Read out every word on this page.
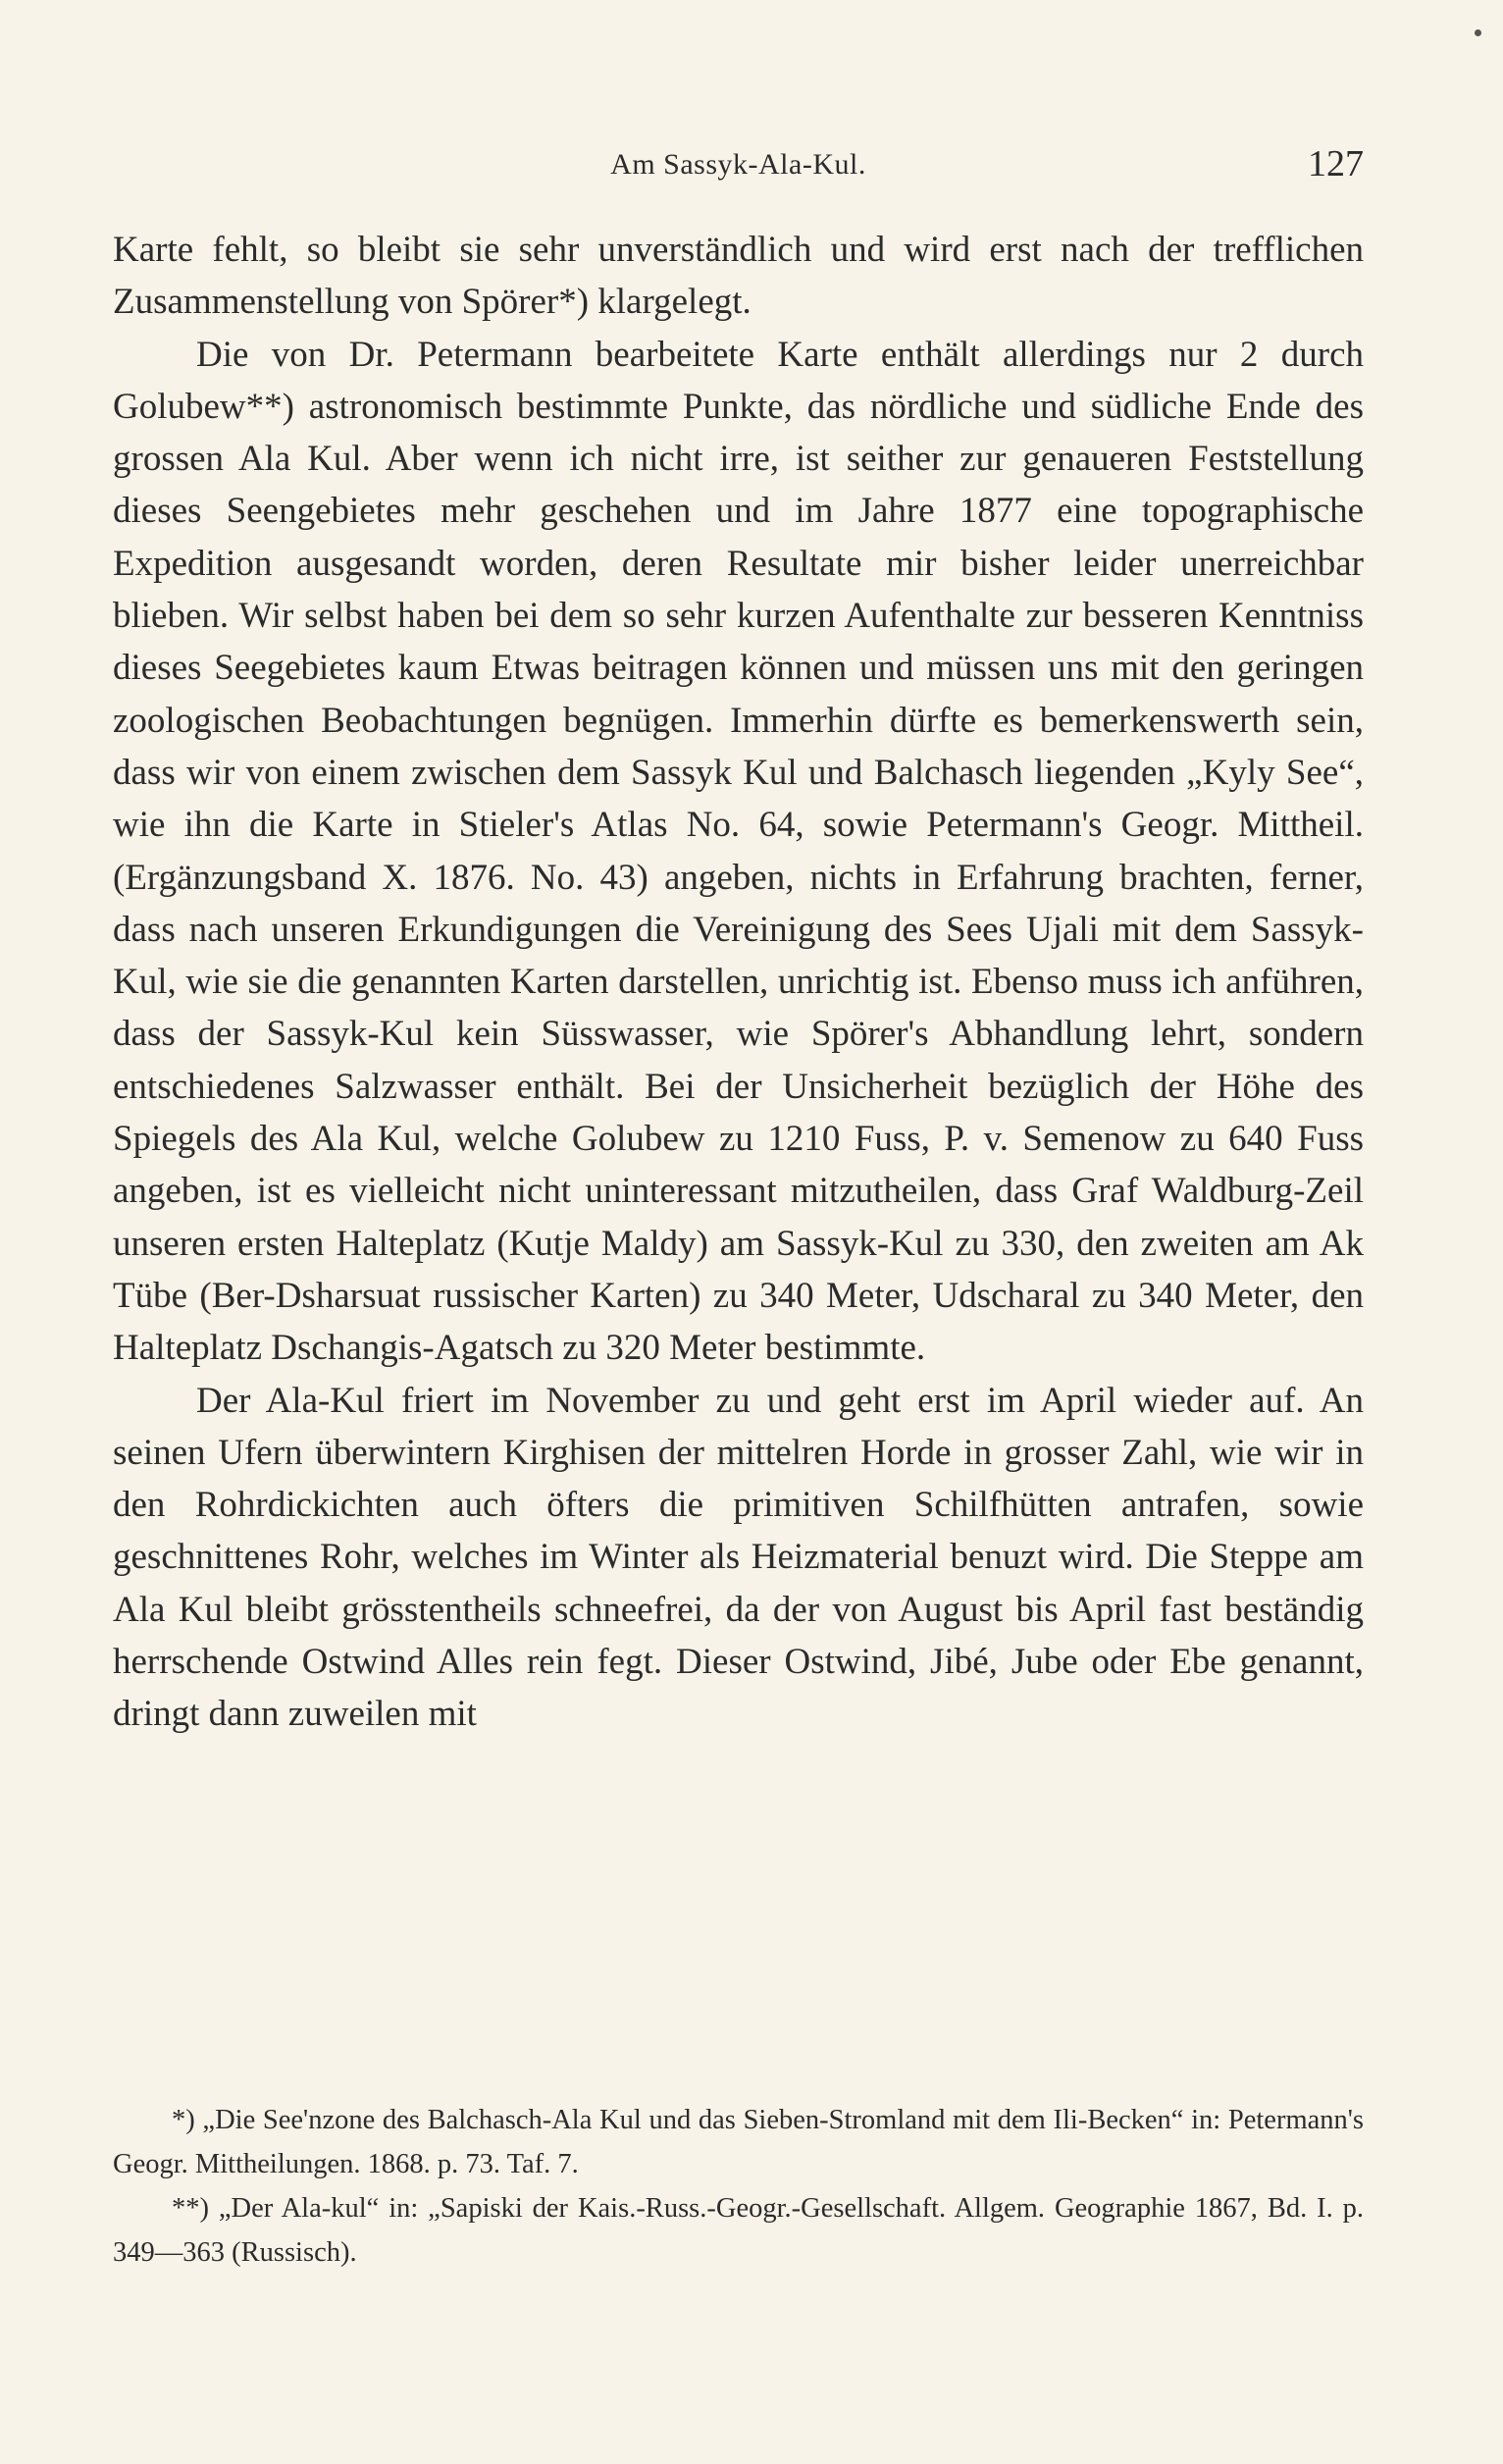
Am Sassyk-Ala-Kul.	127

Karte fehlt, so bleibt sie sehr unverständlich und wird erst nach der trefflichen Zusammenstellung von Spörer*) klargelegt.

Die von Dr. Petermann bearbeitete Karte enthält allerdings nur 2 durch Golubew**) astronomisch bestimmte Punkte, das nördliche und südliche Ende des grossen Ala Kul. Aber wenn ich nicht irre, ist seither zur genaueren Feststellung dieses Seengebietes mehr geschehen und im Jahre 1877 eine topographische Expedition ausgesandt worden, deren Resultate mir bisher leider unerreichbar blieben. Wir selbst haben bei dem so sehr kurzen Aufenthalte zur besseren Kenntniss dieses Seegebietes kaum Etwas beitragen können und müssen uns mit den geringen zoologischen Beobachtungen begnügen. Immerhin dürfte es bemerkenswerth sein, dass wir von einem zwischen dem Sassyk Kul und Balchasch liegenden „Kyly See“, wie ihn die Karte in Stieler's Atlas No. 64, sowie Petermann's Geogr. Mittheil. (Ergänzungsband X. 1876. No. 43) angeben, nichts in Erfahrung brachten, ferner, dass nach unseren Erkundigungen die Vereinigung des Sees Ujali mit dem Sassyk-Kul, wie sie die genannten Karten darstellen, unrichtig ist. Ebenso muss ich anführen, dass der Sassyk-Kul kein Süsswasser, wie Spörer's Abhandlung lehrt, sondern entschiedenes Salzwasser enthält. Bei der Unsicherheit bezüglich der Höhe des Spiegels des Ala Kul, welche Golubew zu 1210 Fuss, P. v. Semenow zu 640 Fuss angeben, ist es vielleicht nicht uninteressant mitzutheilen, dass Graf Waldburg-Zeil unseren ersten Halteplatz (Kutje Maldy) am Sassyk-Kul zu 330, den zweiten am Ak Tübe (Ber-Dsharsuat russischer Karten) zu 340 Meter, Udscharal zu 340 Meter, den Halteplatz Dschangis-Agatsch zu 320 Meter bestimmte.

Der Ala-Kul friert im November zu und geht erst im April wieder auf. An seinen Ufern überwintern Kirghisen der mittelren Horde in grosser Zahl, wie wir in den Rohrdickichten auch öfters die primitiven Schilfhütten antrafen, sowie geschnittenes Rohr, welches im Winter als Heizmaterial benuzt wird. Die Steppe am Ala Kul bleibt grösstentheils schneefrei, da der von August bis April fast beständig herrschende Ostwind Alles rein fegt. Dieser Ostwind, Jibé, Jube oder Ebe genannt, dringt dann zuweilen mit

*) „Die See'nzone des Balchasch-Ala Kul und das Sieben-Stromland mit dem Ili-Becken“ in: Petermann's Geogr. Mittheilungen. 1868. p. 73. Taf. 7.

**) „Der Ala-kul“ in: „Sapiski der Kais.-Russ.-Geogr.-Gesellschaft. Allgem. Geographie 1867, Bd. I. p. 349—363 (Russisch).
